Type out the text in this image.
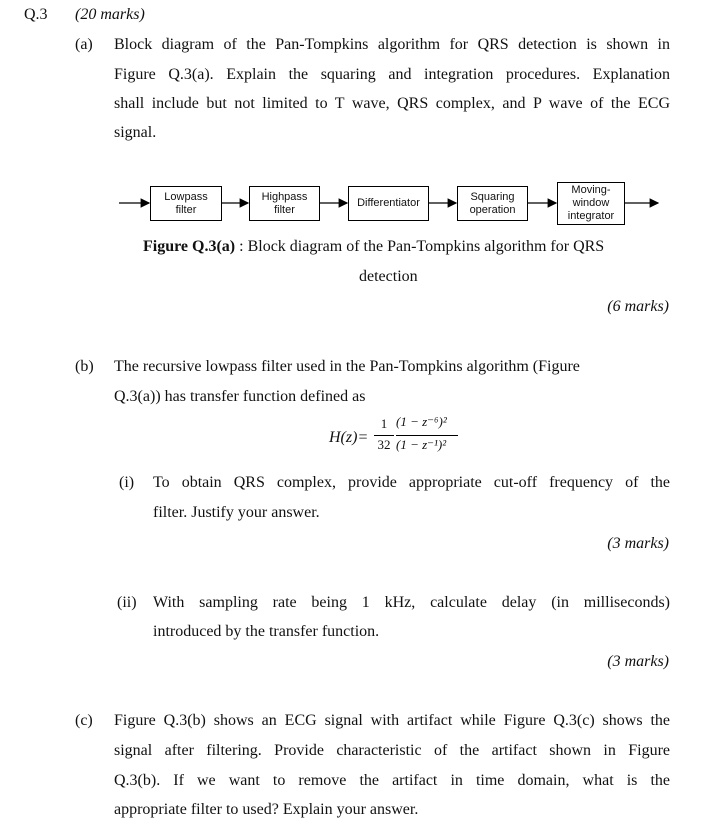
Q.3 (20 marks)
(a) Block diagram of the Pan-Tompkins algorithm for QRS detection is shown in
Figure Q.3(a). Explain the squaring and integration procedures. Explanation
shall include but not limited to T wave, QRS complex, and P wave of the ECG
signal.
Lowpass
filter
Highpass
filter
Differentiator
Squaring
operation
Moving-
window
integrator
Figure Q.3(a) : Block diagram of the Pan-Tompkins algorithm for QRS
detection
(6 marks)
(b) The recursive lowpass filter used in the Pan-Tompkins algorithm (Figure
Q.3(a)) has transfer function defined as
H(z)=
1
32
(1 − z⁻⁶)²
(1 − z⁻¹)²
(i) To obtain QRS complex, provide appropriate cut-off frequency of the
filter. Justify your answer.
(3 marks)
(ii) With sampling rate being 1 kHz, calculate delay (in milliseconds)
introduced by the transfer function.
(3 marks)
(c) Figure Q.3(b) shows an ECG signal with artifact while Figure Q.3(c) shows the
signal after filtering. Provide characteristic of the artifact shown in Figure
Q.3(b). If we want to remove the artifact in time domain, what is the
appropriate filter to used? Explain your answer.
